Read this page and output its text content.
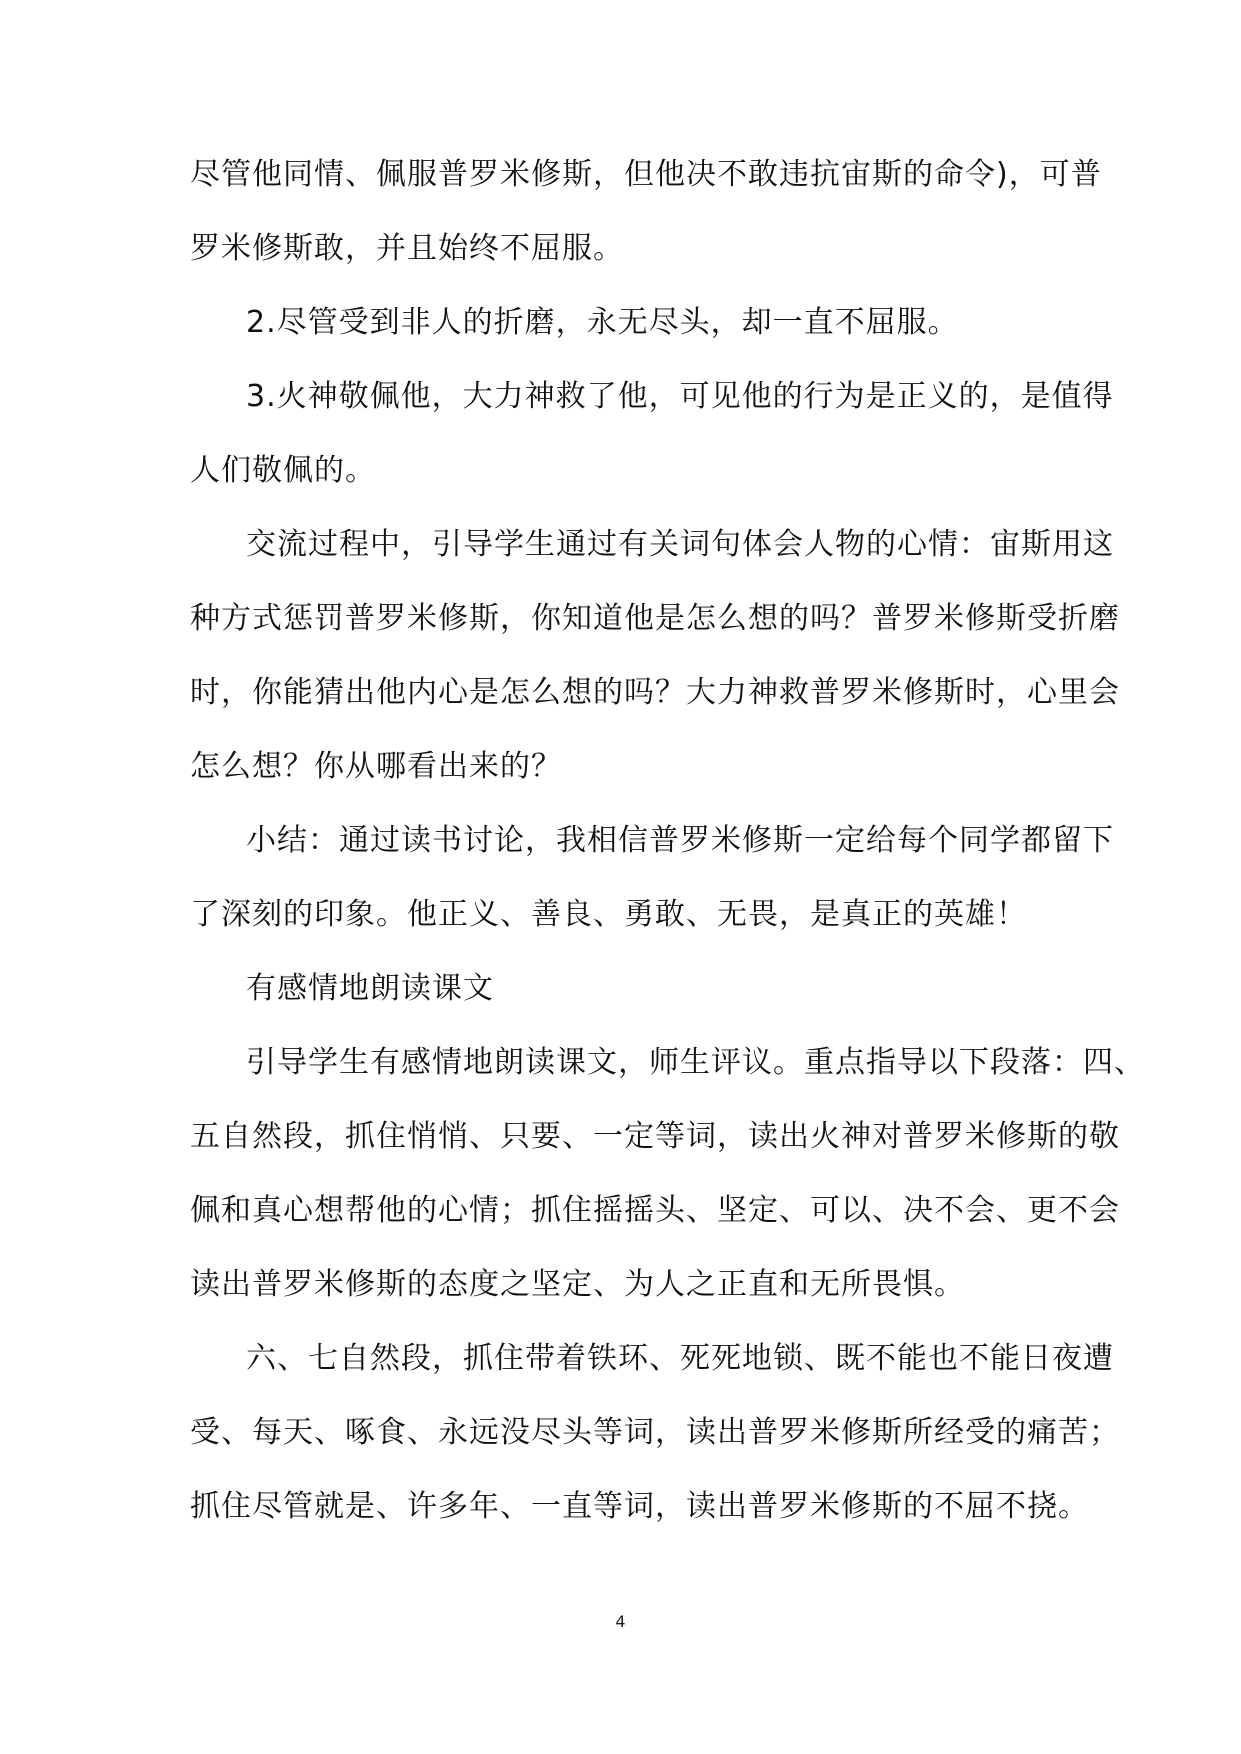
尽管他同情、佩服普罗米修斯，但他决不敢违抗宙斯的命令)，可普

罗米修斯敢，并且始终不屈服。

2.尽管受到非人的折磨，永无尽头，却一直不屈服。

3.火神敬佩他，大力神救了他，可见他的行为是正义的，是值得

人们敬佩的。

交流过程中，引导学生通过有关词句体会人物的心情：宙斯用这

种方式惩罚普罗米修斯，你知道他是怎么想的吗？普罗米修斯受折磨

时，你能猜出他内心是怎么想的吗？大力神救普罗米修斯时，心里会

怎么想？你从哪看出来的？

小结：通过读书讨论，我相信普罗米修斯一定给每个同学都留下

了深刻的印象。他正义、善良、勇敢、无畏，是真正的英雄！

有感情地朗读课文

引导学生有感情地朗读课文，师生评议。重点指导以下段落：四、

五自然段，抓住悄悄、只要、一定等词，读出火神对普罗米修斯的敬

佩和真心想帮他的心情；抓住摇摇头、坚定、可以、决不会、更不会

读出普罗米修斯的态度之坚定、为人之正直和无所畏惧。

六、七自然段，抓住带着铁环、死死地锁、既不能也不能日夜遭

受、每天、啄食、永远没尽头等词，读出普罗米修斯所经受的痛苦；

抓住尽管就是、许多年、一直等词，读出普罗米修斯的不屈不挠。

4
